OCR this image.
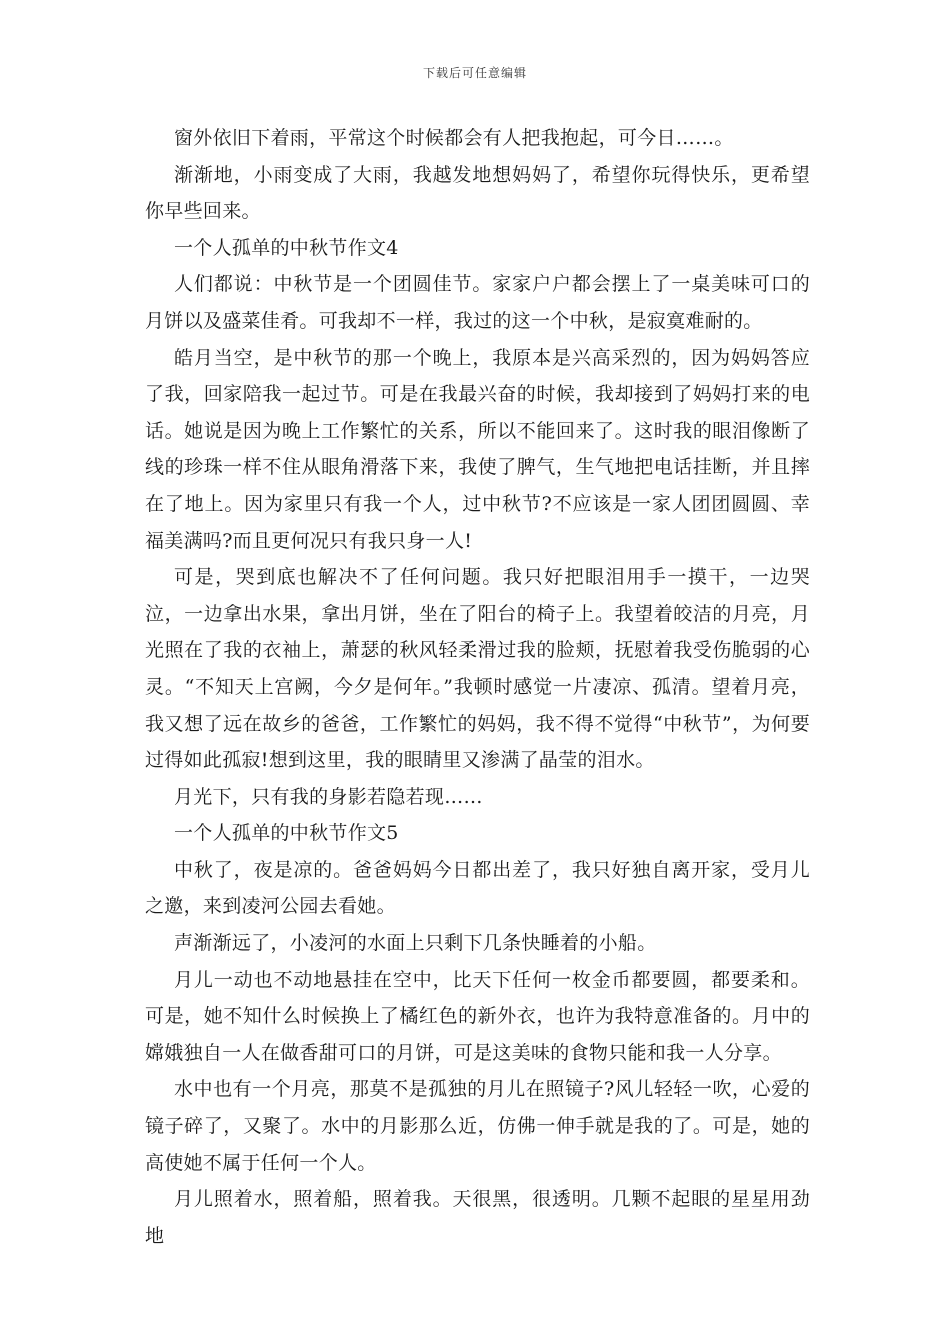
下载后可任意编辑

窗外依旧下着雨，平常这个时候都会有人把我抱起，可今日……。

渐渐地，小雨变成了大雨，我越发地想妈妈了，希望你玩得快乐，更希望你早些回来。

一个人孤单的中秋节作文4

人们都说：中秋节是一个团圆佳节。家家户户都会摆上了一桌美味可口的月饼以及盛菜佳肴。可我却不一样，我过的这一个中秋，是寂寞难耐的。

皓月当空，是中秋节的那一个晚上，我原本是兴高采烈的，因为妈妈答应了我，回家陪我一起过节。可是在我最兴奋的时候，我却接到了妈妈打来的电话。她说是因为晚上工作繁忙的关系，所以不能回来了。这时我的眼泪像断了线的珍珠一样不住从眼角滑落下来，我使了脾气，生气地把电话挂断，并且摔在了地上。因为家里只有我一个人，过中秋节?不应该是一家人团团圆圆、幸福美满吗?而且更何况只有我只身一人!

可是，哭到底也解决不了任何问题。我只好把眼泪用手一摸干，一边哭泣，一边拿出水果，拿出月饼，坐在了阳台的椅子上。我望着皎洁的月亮，月光照在了我的衣袖上，萧瑟的秋风轻柔滑过我的脸颊，抚慰着我受伤脆弱的心灵。“不知天上宫阙，今夕是何年。”我顿时感觉一片凄凉、孤清。望着月亮，我又想了远在故乡的爸爸，工作繁忙的妈妈，我不得不觉得“中秋节”，为何要过得如此孤寂!想到这里，我的眼睛里又渗满了晶莹的泪水。

月光下，只有我的身影若隐若现……

一个人孤单的中秋节作文5

中秋了，夜是凉的。爸爸妈妈今日都出差了，我只好独自离开家，受月儿之邀，来到凌河公园去看她。

声渐渐远了，小凌河的水面上只剩下几条快睡着的小船。

月儿一动也不动地悬挂在空中，比天下任何一枚金币都要圆，都要柔和。可是，她不知什么时候换上了橘红色的新外衣，也许为我特意准备的。月中的嫦娥独自一人在做香甜可口的月饼，可是这美味的食物只能和我一人分享。

水中也有一个月亮，那莫不是孤独的月儿在照镜子?风儿轻轻一吹，心爱的镜子碎了，又聚了。水中的月影那么近，仿佛一伸手就是我的了。可是，她的高使她不属于任何一个人。

月儿照着水，照着船，照着我。天很黑，很透明。几颗不起眼的星星用劲地
